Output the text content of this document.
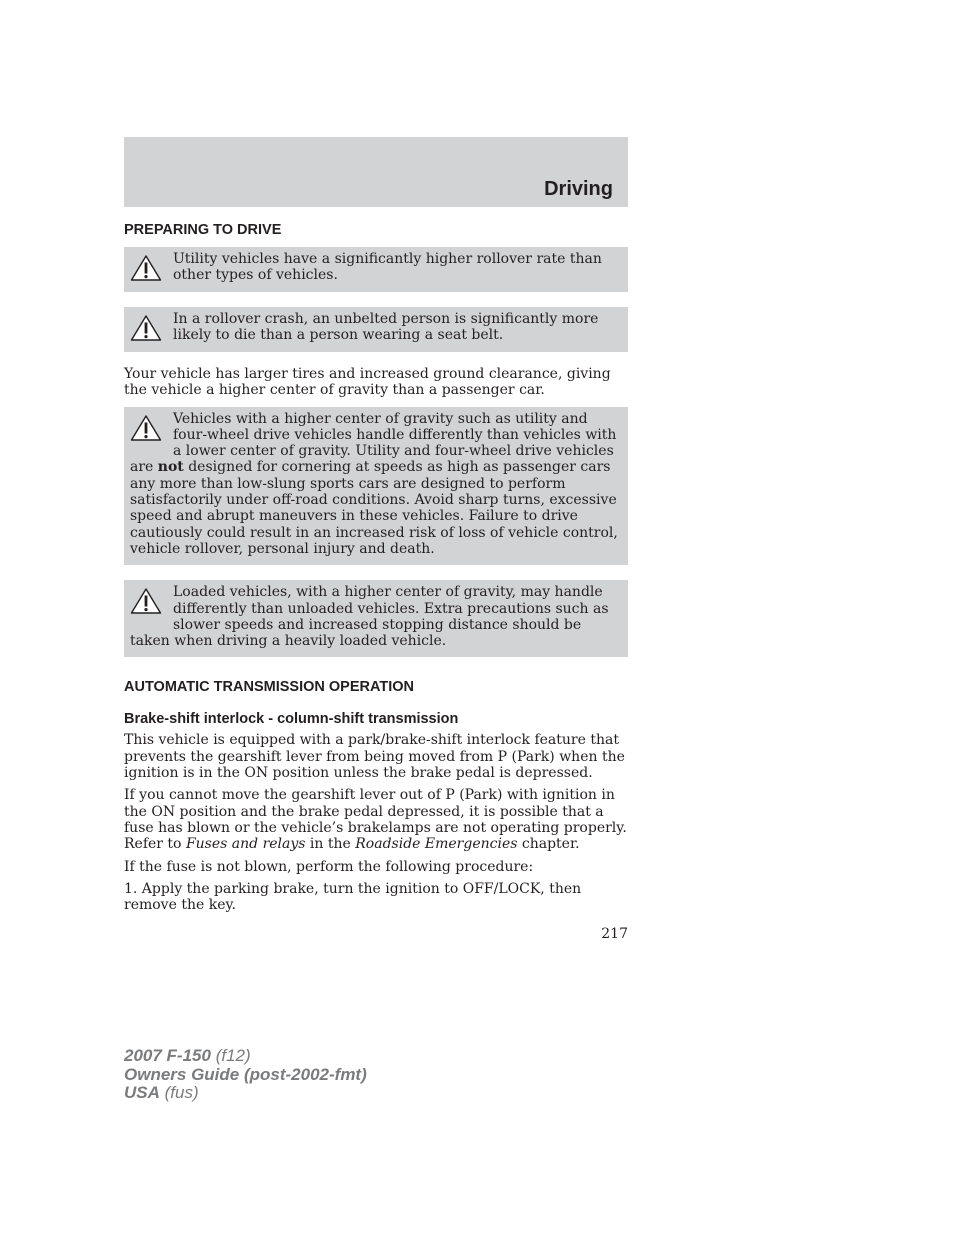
Driving
PREPARING TO DRIVE
Utility vehicles have a significantly higher rollover rate than other types of vehicles.
In a rollover crash, an unbelted person is significantly more likely to die than a person wearing a seat belt.

Your vehicle has larger tires and increased ground clearance, giving the vehicle a higher center of gravity than a passenger car.

Vehicles with a higher center of gravity such as utility and four-wheel drive vehicles handle differently than vehicles with a lower center of gravity. Utility and four-wheel drive vehicles are not designed for cornering at speeds as high as passenger cars any more than low-slung sports cars are designed to perform satisfactorily under off-road conditions. Avoid sharp turns, excessive speed and abrupt maneuvers in these vehicles. Failure to drive cautiously could result in an increased risk of loss of vehicle control, vehicle rollover, personal injury and death.
Loaded vehicles, with a higher center of gravity, may handle differently than unloaded vehicles. Extra precautions such as slower speeds and increased stopping distance should be taken when driving a heavily loaded vehicle.
AUTOMATIC TRANSMISSION OPERATION
Brake-shift interlock - column-shift transmission

This vehicle is equipped with a park/brake-shift interlock feature that prevents the gearshift lever from being moved from P (Park) when the ignition is in the ON position unless the brake pedal is depressed.

If you cannot move the gearshift lever out of P (Park) with ignition in the ON position and the brake pedal depressed, it is possible that a fuse has blown or the vehicle’s brakelamps are not operating properly. Refer to Fuses and relays in the Roadside Emergencies chapter.

If the fuse is not blown, perform the following procedure:

1. Apply the parking brake, turn the ignition to OFF/LOCK, then remove the key.

217
2007 F-150 (f12)
Owners Guide (post-2002-fmt)
USA (fus)
